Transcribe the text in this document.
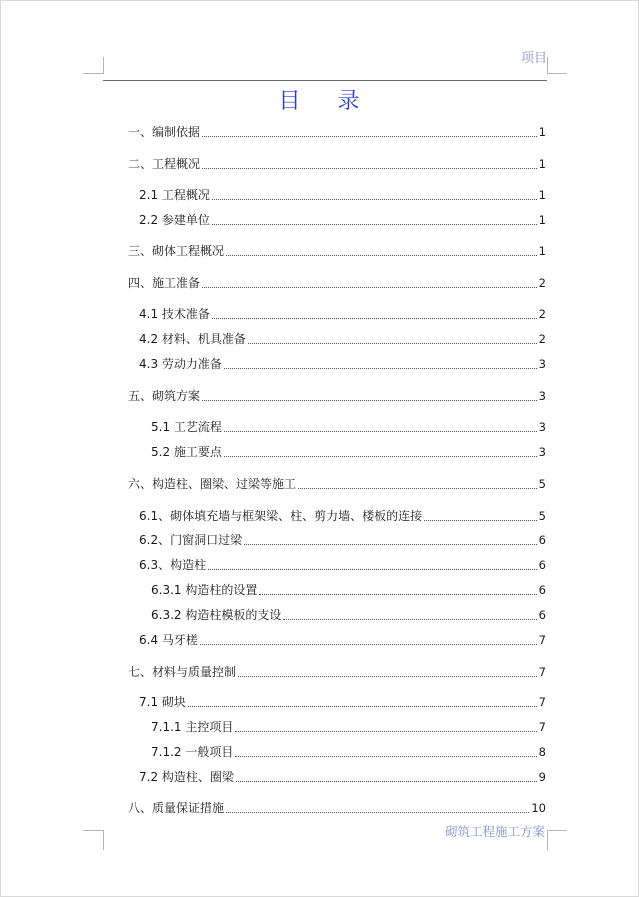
项目
目 录
一、编制依据	1
二、工程概况	1
2.1 工程概况	1
2.2 参建单位	1
三、砌体工程概况	1
四、施工准备	2
4.1 技术准备	2
4.2 材料、机具准备	2
4.3 劳动力准备	3
五、砌筑方案	3
5.1 工艺流程	3
5.2 施工要点	3
六、构造柱、圈梁、过梁等施工	5
6.1、砌体填充墙与框架梁、柱、剪力墙、楼板的连接	5
6.2、门窗洞口过梁	6
6.3、构造柱	6
6.3.1 构造柱的设置	6
6.3.2 构造柱模板的支设	6
6.4 马牙槎	7
七、材料与质量控制	7
7.1 砌块	7
7.1.1 主控项目	7
7.1.2 一般项目	8
7.2 构造柱、圈梁	9
八、质量保证措施	10
砌筑工程施工方案
